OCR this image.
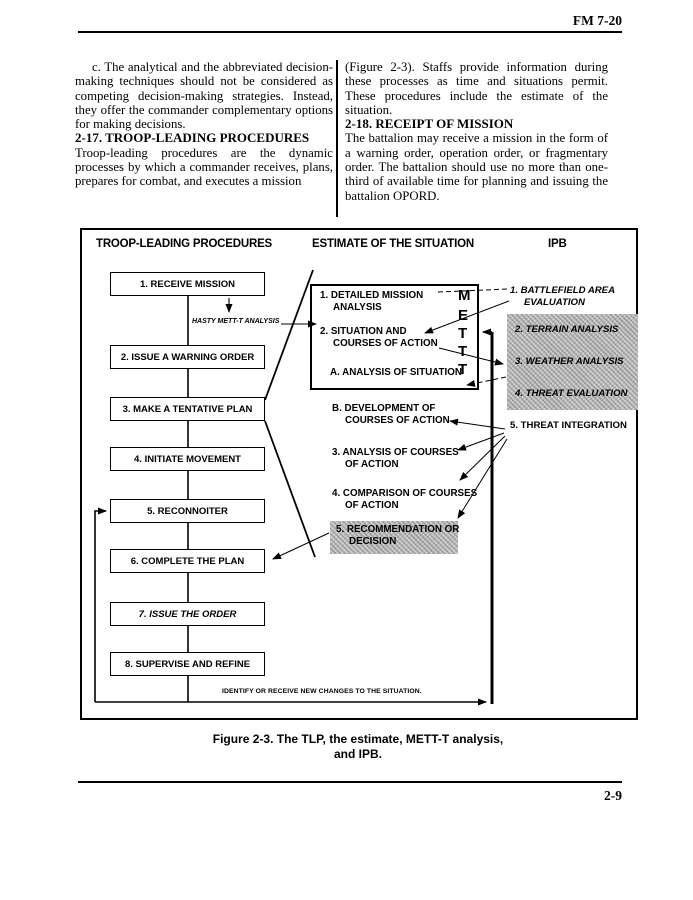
FM 7-20

c. The analytical and the abbreviated decision-making techniques should not be considered as competing decision-making strategies. Instead, they offer the commander complementary options for making decisions.

2-17. TROOP-LEADING PROCEDURES

Troop-leading procedures are the dynamic processes by which a commander receives, plans, prepares for combat, and executes a mission

(Figure 2-3). Staffs provide information during these processes as time and situations permit. These procedures include the estimate of the situation.

2-18. RECEIPT OF MISSION

The battalion may receive a mission in the form of a warning order, operation order, or fragmentary order. The battalion should use no more than one-third of available time for planning and issuing the battalion OPORD.

TROOP-LEADING PROCEDURES	ESTIMATE OF THE SITUATION	IPB
1. RECEIVE MISSION
2. ISSUE A WARNING ORDER
3. MAKE A TENTATIVE PLAN
4. INITIATE MOVEMENT
5. RECONNOITER
6. COMPLETE THE PLAN
7. ISSUE THE ORDER
8. SUPERVISE AND REFINE
HASTY METT-T ANALYSIS
1. DETAILED MISSION
ANALYSIS
2. SITUATION AND
COURSES OF ACTION
A. ANALYSIS OF SITUATION
M
E
T
T
T
B. DEVELOPMENT OF
COURSES OF ACTION
3. ANALYSIS OF COURSES
OF ACTION
4. COMPARISON OF COURSES
OF ACTION
5. RECOMMENDATION OR
DECISION
1. BATTLEFIELD AREA
EVALUATION
2. TERRAIN ANALYSIS
3. WEATHER ANALYSIS
4. THREAT EVALUATION
5. THREAT INTEGRATION
IDENTIFY OR RECEIVE NEW CHANGES TO THE SITUATION.
Figure 2-3. The TLP, the estimate, METT-T analysis,
and IPB.
2-9
